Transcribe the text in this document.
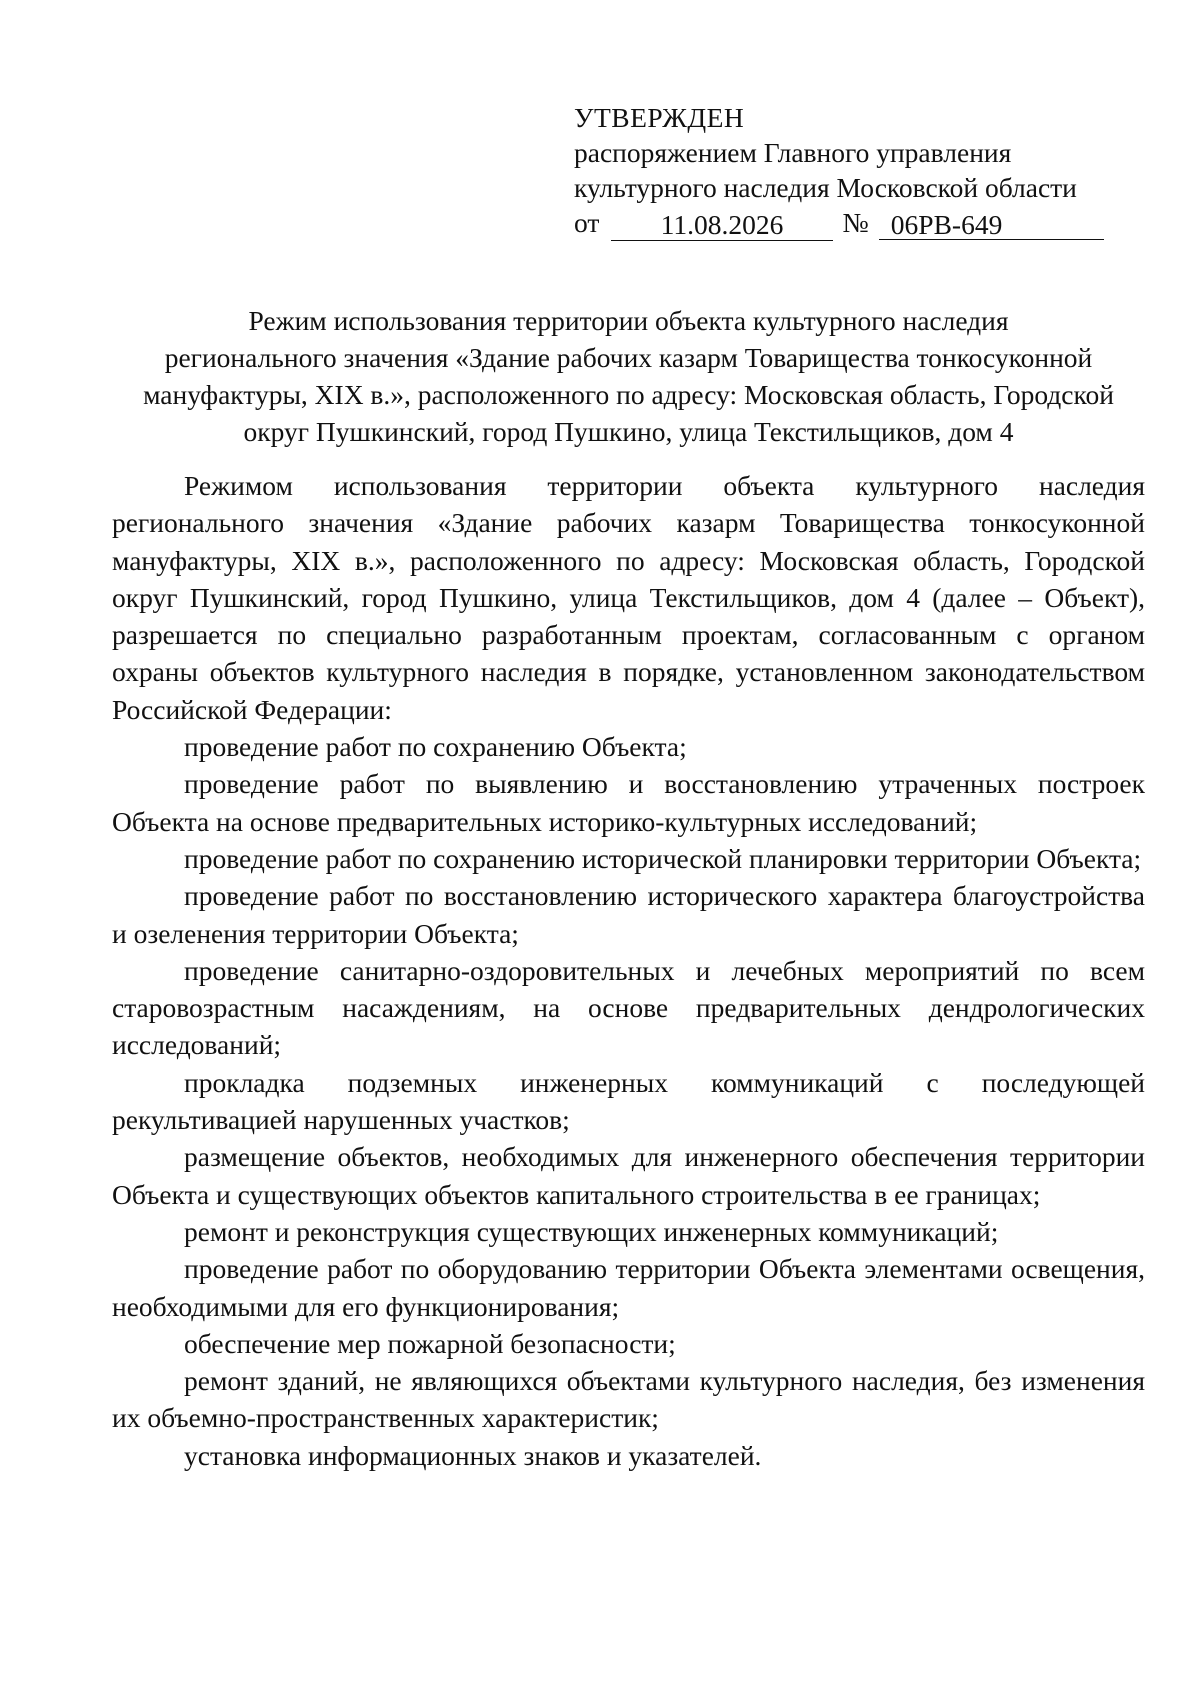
УТВЕРЖДЕН
распоряжением Главного управления
культурного наследия Московской области
от	11.08.2026	№ 06РВ-649

Режим использования территории объекта культурного наследия

регионального значения «Здание рабочих казарм Товарищества тонкосуконной

мануфактуры, XIX в.», расположенного по адресу: Московская область, Городской

округ Пушкинский, город Пушкино, улица Текстильщиков, дом 4

Режимом использования территории объекта культурного наследия регионального значения «Здание рабочих казарм Товарищества тонкосуконной мануфактуры, XIX в.», расположенного по адресу: Московская область, Городской округ Пушкинский, город Пушкино, улица Текстильщиков, дом 4 (далее – Объект), разрешается по специально разработанным проектам, согласованным с органом охраны объектов культурного наследия в порядке, установленном законодательством Российской Федерации:

проведение работ по сохранению Объекта;

проведение работ по выявлению и восстановлению утраченных построек Объекта на основе предварительных историко-культурных исследований;

проведение работ по сохранению исторической планировки территории Объекта;

проведение работ по восстановлению исторического характера благоустройства и озеленения территории Объекта;

проведение санитарно-оздоровительных и лечебных мероприятий по всем старовозрастным насаждениям, на основе предварительных дендрологических исследований;

прокладка подземных инженерных коммуникаций с последующей рекультивацией нарушенных участков;

размещение объектов, необходимых для инженерного обеспечения территории Объекта и существующих объектов капитального строительства в ее границах;

ремонт и реконструкция существующих инженерных коммуникаций;

проведение работ по оборудованию территории Объекта элементами освещения, необходимыми для его функционирования;

обеспечение мер пожарной безопасности;

ремонт зданий, не являющихся объектами культурного наследия, без изменения их объемно-пространственных характеристик;

установка информационных знаков и указателей.
